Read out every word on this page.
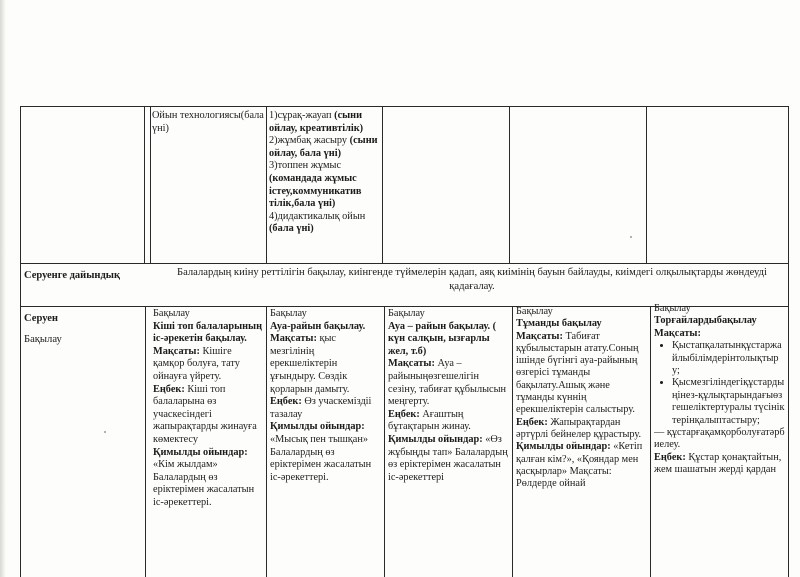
Ойын технологиясы(бала үні)

1)сұрақ-жауап (сыни ойлау, креативтілік)
2)жұмбақ жасыру (сыни ойлау, бала үні)
3)топпен жұмыс (командада жұмыс істеу,коммуникатив тілік,бала үні)
4)дидактикалық ойын (бала үні)

Серуенге дайындық	Балалардың киіну реттілігін бақылау, киінгенде түймелерін қадап, аяқ киімінің бауын байлауды, киімдегі олқылықтарды жөндеуді қадағалау.

Серуен

Бақылау

Бақылау
Кіші топ балаларының іс-әрекетін бақылау.
Мақсаты: Кішіге қамқор болуға, тату ойнауға үйрету.
Еңбек: Кіші топ балаларына өз учаскесіндегі жапырақтарды жинауға көмектесу
Қимылды ойындар: «Кім жылдам» Балалардың өз еріктерімен жасалатын іс-әрекеттері.

Бақылау
Ауа-райын бақылау.
Мақсаты: қыс мезгілінің ерекшеліктерін ұғындыру. Сөздік қорларын дамыту.
Еңбек: Өз учаскеміздіі тазалау
Қимылды ойындар: «Мысық пен тышқан» Балалардың өз еріктерімен жасалатын іс-әрекеттері.

Бақылау
Ауа – райын бақылау. ( күн салқын, ызғарлы жел, т.б)
Мақсаты: Ауа – райыныңөзгешелігін сезіну, табиғат құбылысын меңгерту.
Еңбек: Ағаштың бұтақтарын жинау.
Қимылды ойындар: «Өз жұбыңды тап» Балалардың өз еріктерімен жасалатын іс-әрекеттері

Бақылау
Тұманды бақылау
Мақсаты: Табиғат құбылыстарын атату.Соның ішінде бүгінгі ауа-райының өзгерісі тұманды бақылату.Ашық және тұманды күннің ерекшеліктерін салыстыру.
Еңбек: Жапырақтардан әртүрлі бейнелер құрастыру.
Қимылды ойындар: «Кетіп қалған кім?», «Қояндар мен қасқырлар» Мақсаты: Рөлдерде ойнай

Бақылау

Торғайлардыбақылау

Мақсаты:

• Қыстапқалатынқұстаржайлыбілімдерінтолықтыру;
• Қысмезгіліндегіқұстардыңінез-құлықтарындағыөзгешеліктертуралы түсініктерінқалыптастыру;

— құстарғақамқорболуғатәрбиелеу.

Еңбек: Құстар қонақтайтын, жем шашатын жерді қардан
